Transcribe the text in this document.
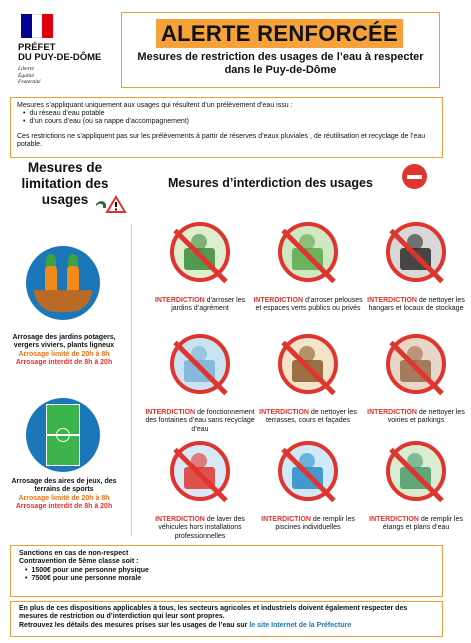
PRÉFET
DU PUY-DE-DÔME
Liberté
Égalité
Fraternité
ALERTE RENFORCÉE
Mesures de restriction des usages de l’eau à respecter dans le Puy-de-Dôme
Mesures s’appliquant uniquement aux usages qui résultent d’un prélèvement d’eau issu :
• du réseau d’eau potable
• d’un cours d’eau (ou sa nappe d’accompagnement)
Ces restrictions ne s’appliquent pas sur les prélèvements à partir de réserves d’eaux pluviales , de réutilisation et recyclage de l’eau potable.
Mesures de limitation des usages
Mesures d’interdiction des usages
Arrosage des jardins potagers, vergers viviers, plants ligneux
Arrosage limité de 20h à 8h
Arrosage interdit de 8h à 20h
Arrosage des aires de jeux, des terrains de sports
Arrosage limité de 20h à 8h
Arrosage interdit de 8h à 20h
INTERDICTION d’arroser les jardins d’agrément
INTERDICTION d’arroser pelouses et espaces verts publics ou privés
INTERDICTION de nettoyer les hangars et locaux de stockage
INTERDICTION de fonctionnement des fontaines d’eau sans recyclage d’eau
INTERDICTION de nettoyer les terrasses, cours et façades
INTERDICTION de nettoyer les voiries et parkings
INTERDICTION de laver des véhicules hors installations professionnelles
INTERDICTION de remplir les piscines individuelles
INTERDICTION de remplir les étangs et plans d’eau
Sanctions en cas de non-respect
Contravention de 5ème classe soit :
• 1500€ pour une personne physique
• 7500€ pour une personne morale
En plus de ces dispositions applicables à tous, les secteurs agricoles et industriels doivent également respecter des mesures de restriction ou d’interdiction qui leur sont propres.
Retrouvez les détails des mesures prises sur les usages de l’eau sur le site Internet de la Préfecture
